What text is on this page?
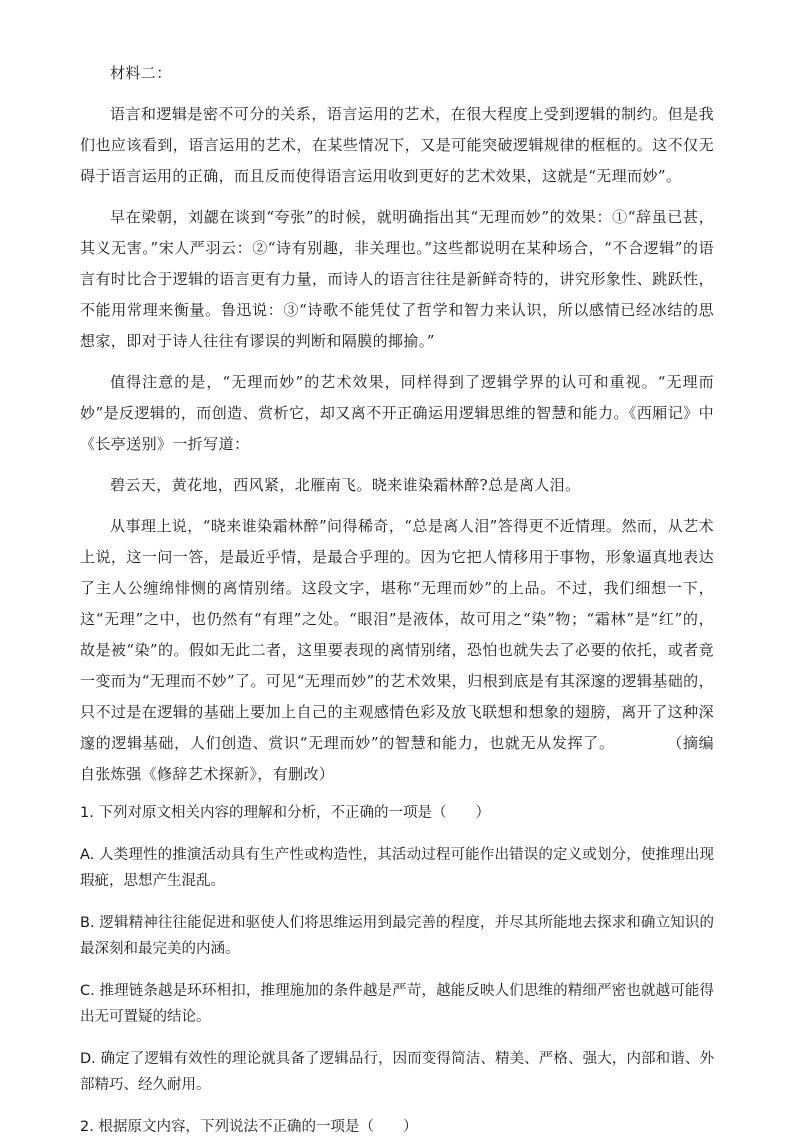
材料二：

语言和逻辑是密不可分的关系，语言运用的艺术，在很大程度上受到逻辑的制约。但是我们也应该看到，语言运用的艺术，在某些情况下，又是可能突破逻辑规律的框框的。这不仅无碍于语言运用的正确，而且反而使得语言运用收到更好的艺术效果，这就是“无理而妙”。

早在梁朝，刘勰在谈到“夸张”的时候，就明确指出其“无理而妙”的效果：①“辞虽已甚，其义无害。”宋人严羽云：②“诗有别趣，非关理也。”这些都说明在某种场合，“不合逻辑”的语言有时比合于逻辑的语言更有力量，而诗人的语言往往是新鲜奇特的，讲究形象性、跳跃性，不能用常理来衡量。鲁迅说：③“诗歌不能凭仗了哲学和智力来认识，所以感情已经冰结的思想家，即对于诗人往往有谬误的判断和隔膜的揶揄。”

值得注意的是，“无理而妙”的艺术效果，同样得到了逻辑学界的认可和重视。“无理而妙”是反逻辑的，而创造、赏析它，却又离不开正确运用逻辑思维的智慧和能力。《西厢记》中《长亭送别》一折写道：

碧云天，黄花地，西风紧，北雁南飞。晓来谁染霜林醉?总是离人泪。

从事理上说，“晓来谁染霜林醉”问得稀奇，“总是离人泪”答得更不近情理。然而，从艺术上说，这一问一答，是最近乎情，是最合乎理的。因为它把人情移用于事物，形象逼真地表达了主人公缠绵悱恻的离情别绪。这段文字，堪称“无理而妙”的上品。不过，我们细想一下，这“无理”之中，也仍然有“有理”之处。“眼泪”是液体，故可用之“染”物；“霜林”是“红”的，故是被“染”的。假如无此二者，这里要表现的离情别绪，恐怕也就失去了必要的依托，或者竟一变而为“无理而不妙”了。可见“无理而妙”的艺术效果，归根到底是有其深邃的逻辑基础的，只不过是在逻辑的基础上要加上自己的主观感情色彩及放飞联想和想象的翅膀，离开了这种深邃的逻辑基础，人们创造、赏识“无理而妙”的智慧和能力，也就无从发挥了。	（摘编自张炼强《修辞艺术探新》，有删改）

1. 下列对原文相关内容的理解和分析，不正确的一项是（　　）

A. 人类理性的推演活动具有生产性或构造性，其活动过程可能作出错误的定义或划分，使推理出现瑕疵，思想产生混乱。

B. 逻辑精神往往能促进和驱使人们将思维运用到最完善的程度，并尽其所能地去探求和确立知识的最深刻和最完美的内涵。

C. 推理链条越是环环相扣，推理施加的条件越是严苛，越能反映人们思维的精细严密也就越可能得出无可置疑的结论。

D. 确定了逻辑有效性的理论就具备了逻辑品行，因而变得简洁、精美、严格、强大，内部和谐、外部精巧、经久耐用。

2. 根据原文内容，下列说法不正确的一项是（　　）
